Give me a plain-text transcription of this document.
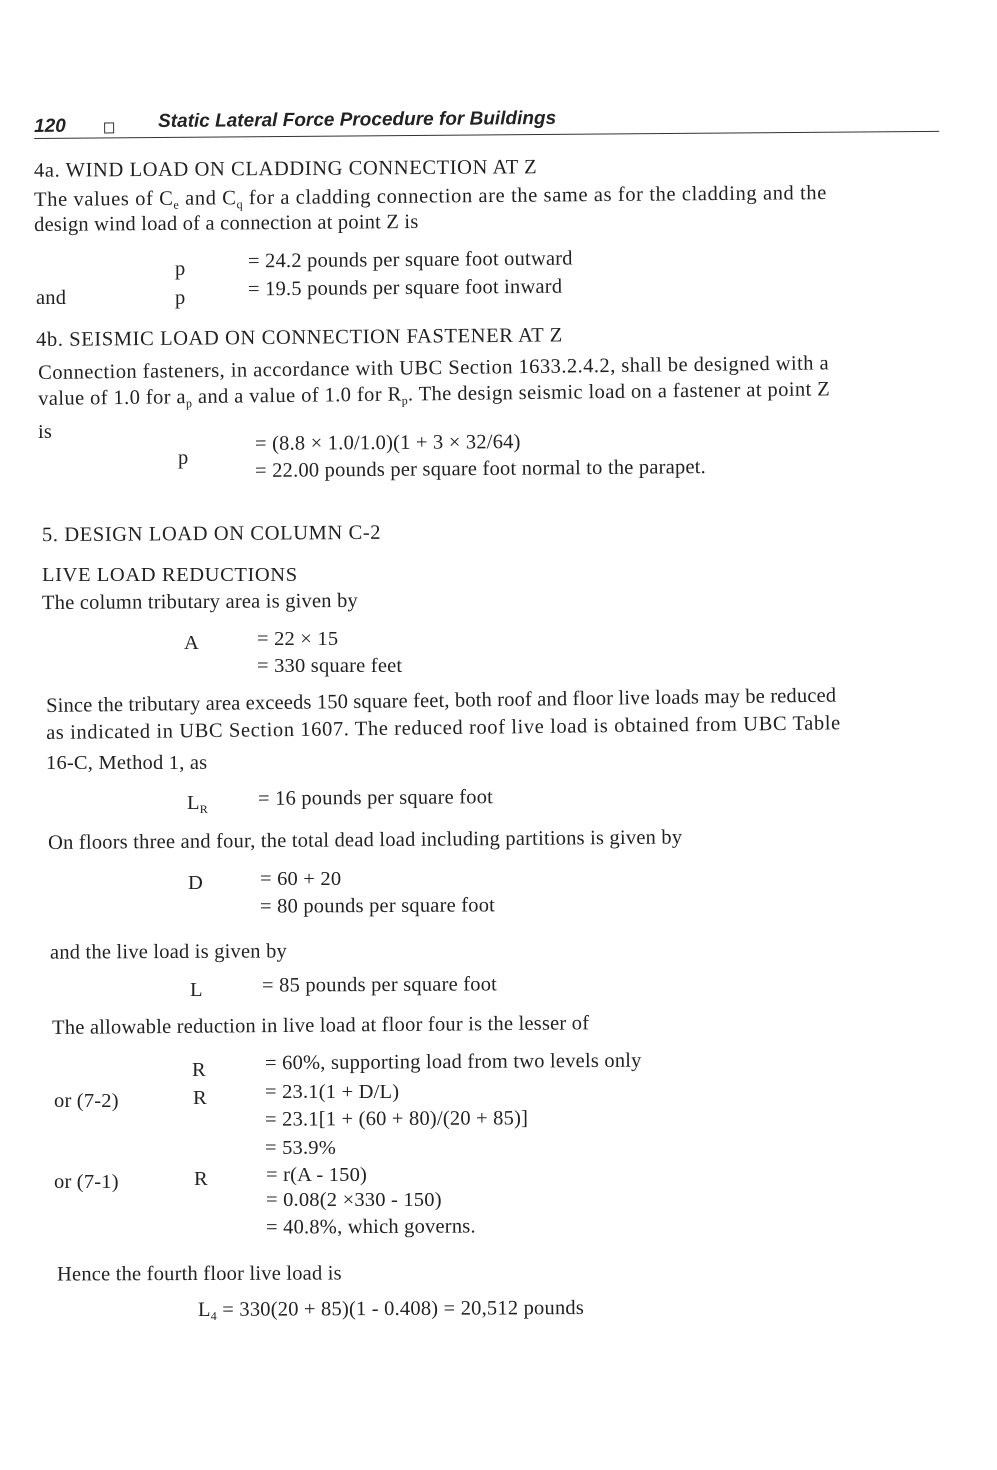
120	Static Lateral Force Procedure for Buildings
4a. WIND LOAD ON CLADDING CONNECTION AT Z
The values of $C_e$ and $C_q$ for a cladding connection are the same as for the cladding and the
design wind load of a connection at point Z is
p	= 24.2 pounds per square foot outward
and	p	= 19.5 pounds per square foot inward
4b. SEISMIC LOAD ON CONNECTION FASTENER AT Z
Connection fasteners, in accordance with UBC Section 1633.2.4.2, shall be designed with a
value of 1.0 for $a_p$ and a value of 1.0 for $R_p$. The design seismic load on a fastener at point Z
is
p
= (8.8 × 1.0/1.0)(1 + 3 × 32/64)
= 22.00 pounds per square foot normal to the parapet.
5. DESIGN LOAD ON COLUMN C-2
LIVE LOAD REDUCTIONS
The column tributary area is given by
A	= 22 × 15
= 330 square feet
Since the tributary area exceeds 150 square feet, both roof and floor live loads may be reduced
as indicated in UBC Section 1607. The reduced roof live load is obtained from UBC Table
16-C, Method 1, as
$L_R = 16$ pounds per square foot
On floors three and four, the total dead load including partitions is given by
D	= 60 + 20
= 80 pounds per square foot
and the live load is given by
L	= 85 pounds per square foot
The allowable reduction in live load at floor four is the lesser of
R	= 60%, supporting load from two levels only
or (7-2)	R	= 23.1(1 + D/L)
= 23.1[1 + (60 + 80)/(20 + 85)]
= 53.9%
or (7-1)	R	= r(A - 150)
= 0.08(2 ×330 - 150)
= 40.8%, which governs.
Hence the fourth floor live load is
$L_4 = 330(20 + 85)(1 - 0.408) = 20,512$ pounds
